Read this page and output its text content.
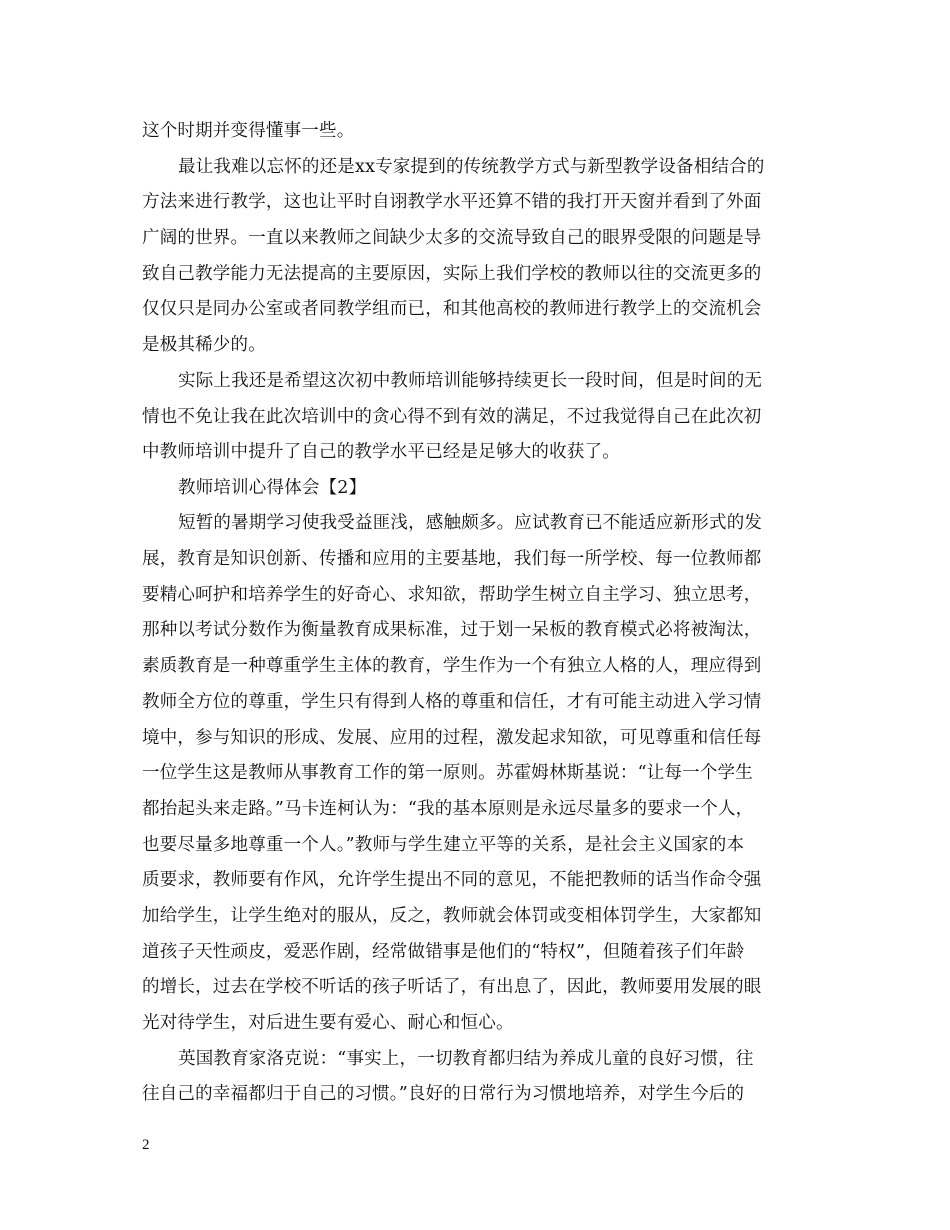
这个时期并变得懂事一些。
最让我难以忘怀的还是xx专家提到的传统教学方式与新型教学设备相结合的
方法来进行教学，这也让平时自诩教学水平还算不错的我打开天窗并看到了外面
广阔的世界。一直以来教师之间缺少太多的交流导致自己的眼界受限的问题是导
致自己教学能力无法提高的主要原因，实际上我们学校的教师以往的交流更多的
仅仅只是同办公室或者同教学组而已，和其他高校的教师进行教学上的交流机会
是极其稀少的。
实际上我还是希望这次初中教师培训能够持续更长一段时间，但是时间的无
情也不免让我在此次培训中的贪心得不到有效的满足，不过我觉得自己在此次初
中教师培训中提升了自己的教学水平已经是足够大的收获了。
教师培训心得体会【2】
短暂的暑期学习使我受益匪浅，感触颇多。应试教育已不能适应新形式的发
展，教育是知识创新、传播和应用的主要基地，我们每一所学校、每一位教师都
要精心呵护和培养学生的好奇心、求知欲，帮助学生树立自主学习、独立思考，
那种以考试分数作为衡量教育成果标准，过于划一呆板的教育模式必将被淘汰，
素质教育是一种尊重学生主体的教育，学生作为一个有独立人格的人，理应得到
教师全方位的尊重，学生只有得到人格的尊重和信任，才有可能主动进入学习情
境中，参与知识的形成、发展、应用的过程，激发起求知欲，可见尊重和信任每
一位学生这是教师从事教育工作的第一原则。苏霍姆林斯基说：“让每一个学生
都抬起头来走路。”马卡连柯认为：“我的基本原则是永远尽量多的要求一个人，
也要尽量多地尊重一个人。”教师与学生建立平等的关系，是社会主义国家的本
质要求，教师要有作风，允许学生提出不同的意见，不能把教师的话当作命令强
加给学生，让学生绝对的服从，反之，教师就会体罚或变相体罚学生，大家都知
道孩子天性顽皮，爱恶作剧，经常做错事是他们的“特权”，但随着孩子们年龄
的增长，过去在学校不听话的孩子听话了，有出息了，因此，教师要用发展的眼
光对待学生，对后进生要有爱心、耐心和恒心。
英国教育家洛克说：“事实上，一切教育都归结为养成儿童的良好习惯，往
往自己的幸福都归于自己的习惯。”良好的日常行为习惯地培养，对学生今后的
2
